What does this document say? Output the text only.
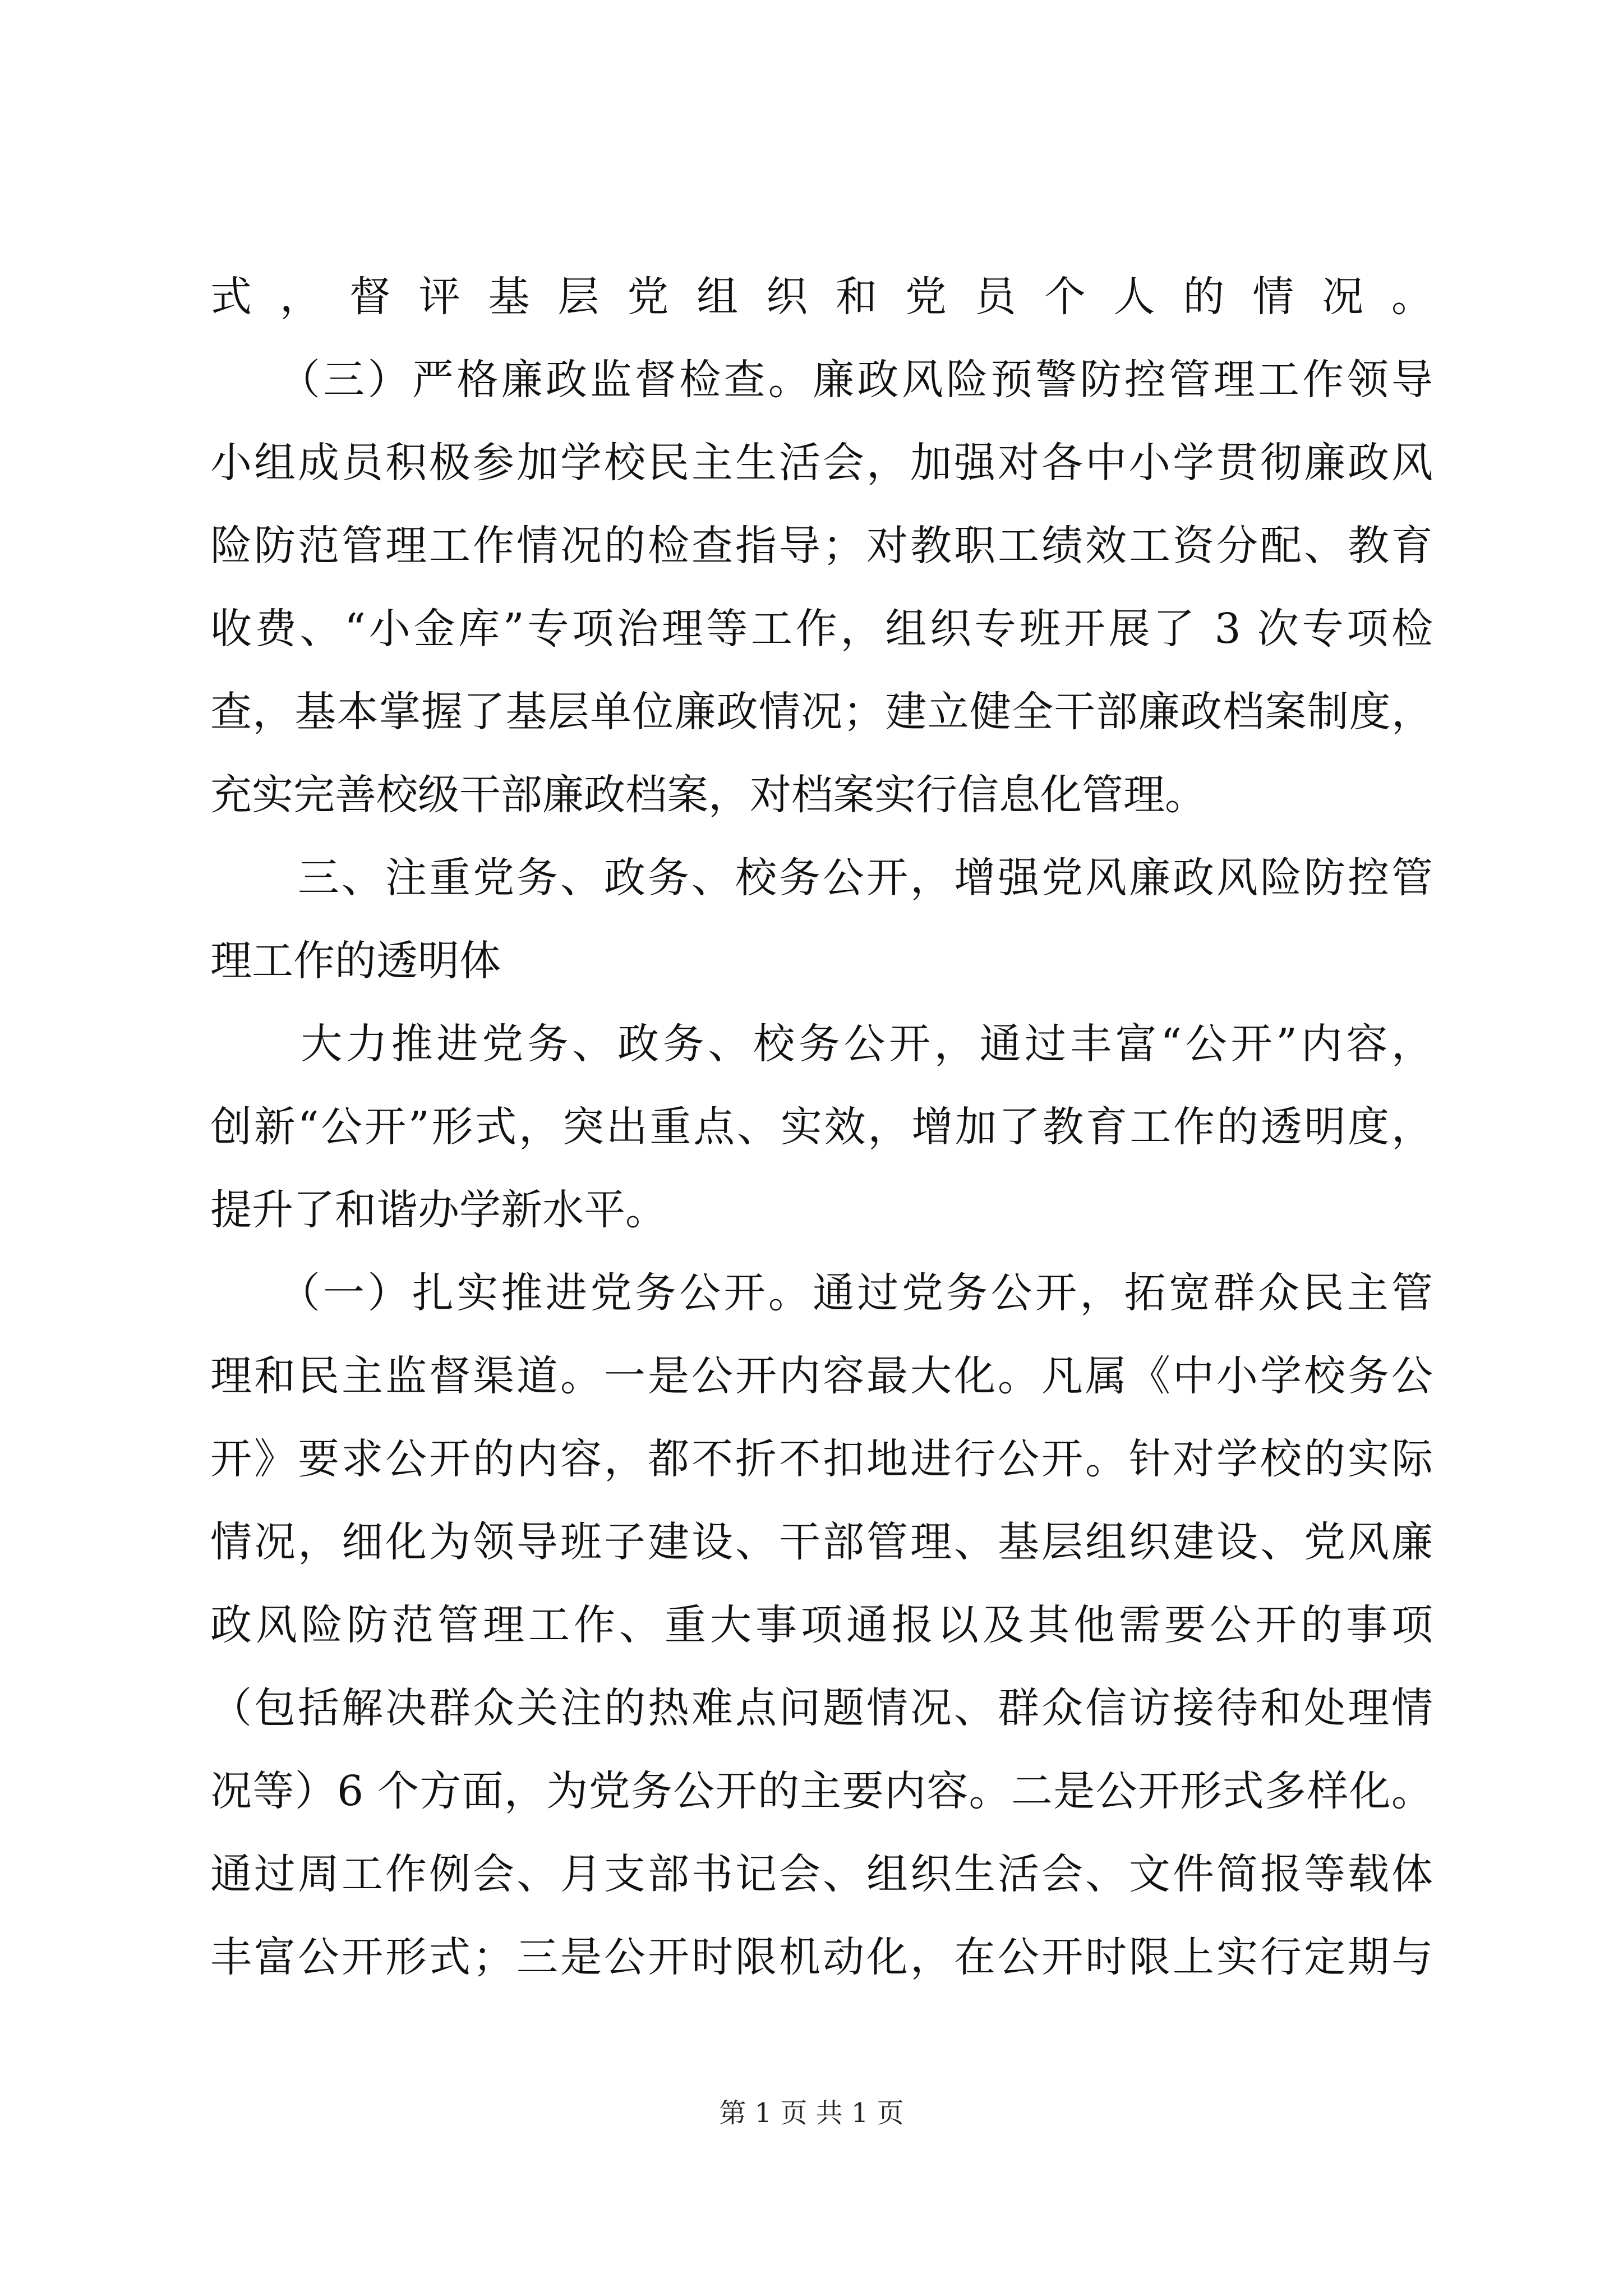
式，督评基层党组织和党员个人的情况。
　　（三）严格廉政监督检查。廉政风险预警防控管理工作领导
小组成员积极参加学校民主生活会，加强对各中小学贯彻廉政风
险防范管理工作情况的检查指导；对教职工绩效工资分配、教育
收费、“小金库”专项治理等工作，组织专班开展了 3 次专项检
查，基本掌握了基层单位廉政情况；建立健全干部廉政档案制度，
充实完善校级干部廉政档案，对档案实行信息化管理。
　　三、注重党务、政务、校务公开，增强党风廉政风险防控管
理工作的透明体
　　大力推进党务、政务、校务公开，通过丰富“公开”内容，
创新“公开”形式，突出重点、实效，增加了教育工作的透明度，
提升了和谐办学新水平。
　　（一）扎实推进党务公开。通过党务公开，拓宽群众民主管
理和民主监督渠道。一是公开内容最大化。凡属《中小学校务公
开》要求公开的内容，都不折不扣地进行公开。针对学校的实际
情况，细化为领导班子建设、干部管理、基层组织建设、党风廉
政风险防范管理工作、重大事项通报以及其他需要公开的事项
（包括解决群众关注的热难点问题情况、群众信访接待和处理情
况等）6 个方面，为党务公开的主要内容。二是公开形式多样化。
通过周工作例会、月支部书记会、组织生活会、文件简报等载体
丰富公开形式；三是公开时限机动化，在公开时限上实行定期与
第 1 页 共 1 页
